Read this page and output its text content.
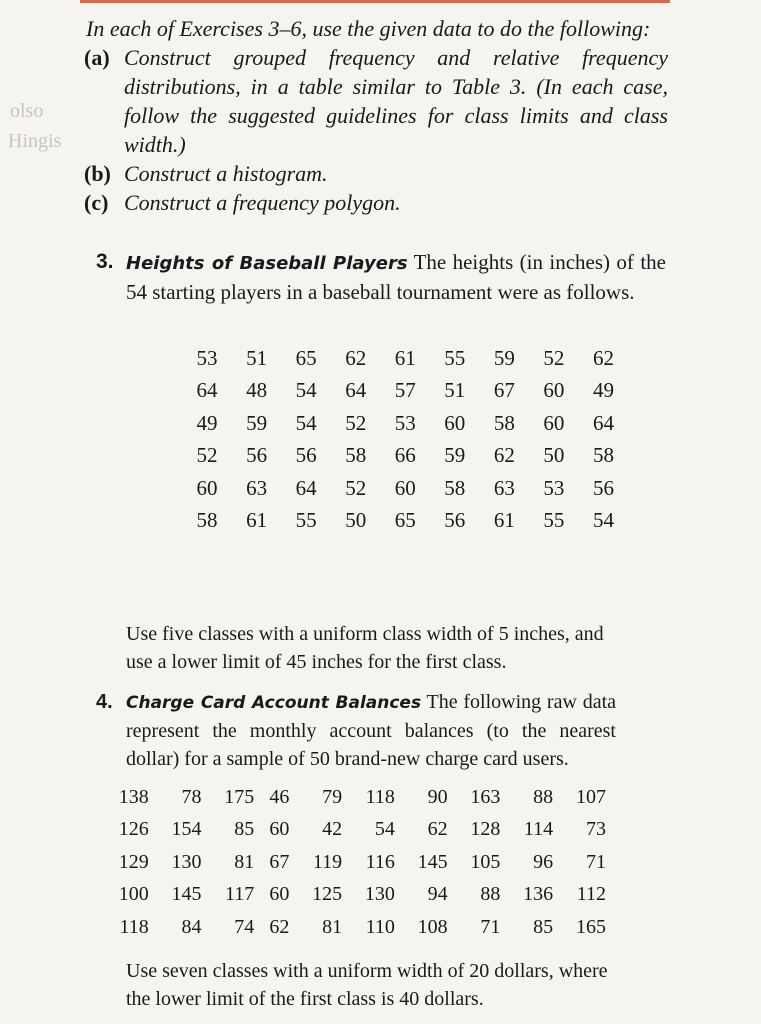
olso
Hingis

In each of Exercises 3–6, use the given data to do the following:

(a) Construct grouped frequency and relative frequency distributions, in a table similar to Table 3. (In each case, follow the suggested guidelines for class limits and class width.)
(b) Construct a histogram.
(c) Construct a frequency polygon.
3. Heights of Baseball Players The heights (in inches) of the 54 starting players in a baseball tournament were as follows.
53	51	65	62	61	55	59	52	62
64	48	54	64	57	51	67	60	49
49	59	54	52	53	60	58	60	64
52	56	56	58	66	59	62	50	58
60	63	64	52	60	58	63	53	56
58	61	55	50	65	56	61	55	54
Use five classes with a uniform class width of 5 inches, and use a lower limit of 45 inches for the first class.
4. Charge Card Account Balances The following raw data represent the monthly account balances (to the nearest dollar) for a sample of 50 brand-new charge card users.
138	78	175	46	79	118	90	163	88	107
126	154	85	60	42	54	62	128	114	73
129	130	81	67	119	116	145	105	96	71
100	145	117	60	125	130	94	88	136	112
118	84	74	62	81	110	108	71	85	165
Use seven classes with a uniform width of 20 dollars, where the lower limit of the first class is 40 dollars.
